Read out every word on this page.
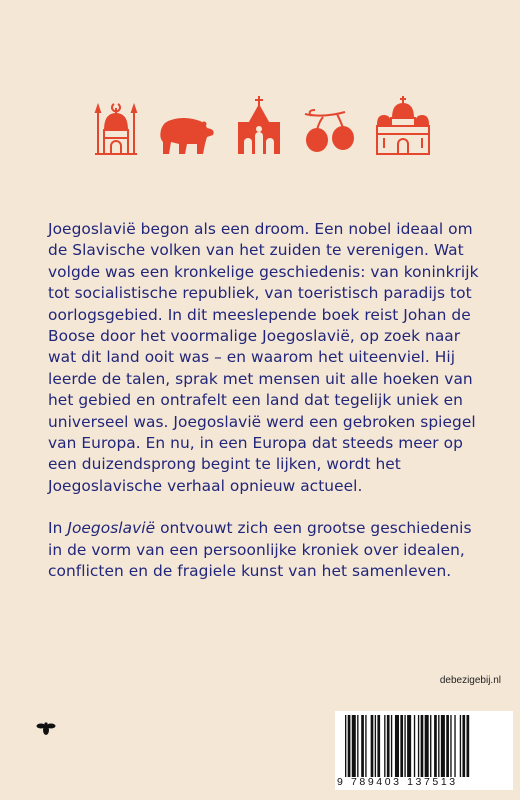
Joegoslavië begon als een droom. Een nobel ideaal om de Slavische volken van het zuiden te verenigen. Wat volgde was een kronkelige geschiedenis: van koninkrijk tot socialistische republiek, van toeristisch paradijs tot oorlogsgebied. In dit meeslepende boek reist Johan de Boose door het voormalige Joegoslavië, op zoek naar wat dit land ooit was – en waarom het uiteenviel. Hij leerde de talen, sprak met mensen uit alle hoeken van het gebied en ontrafelt een land dat tegelijk uniek en universeel was. Joegoslavië werd een gebroken spiegel van Europa. En nu, in een Europa dat steeds meer op een duizendsprong begint te lijken, wordt het Joegoslavische verhaal opnieuw actueel.

In Joegoslavië ontvouwt zich een grootse geschiedenis in de vorm van een persoonlijke kroniek over idealen, conflicten en de fragiele kunst van het samenleven.

debezigebij.nl
9 789403 137513
